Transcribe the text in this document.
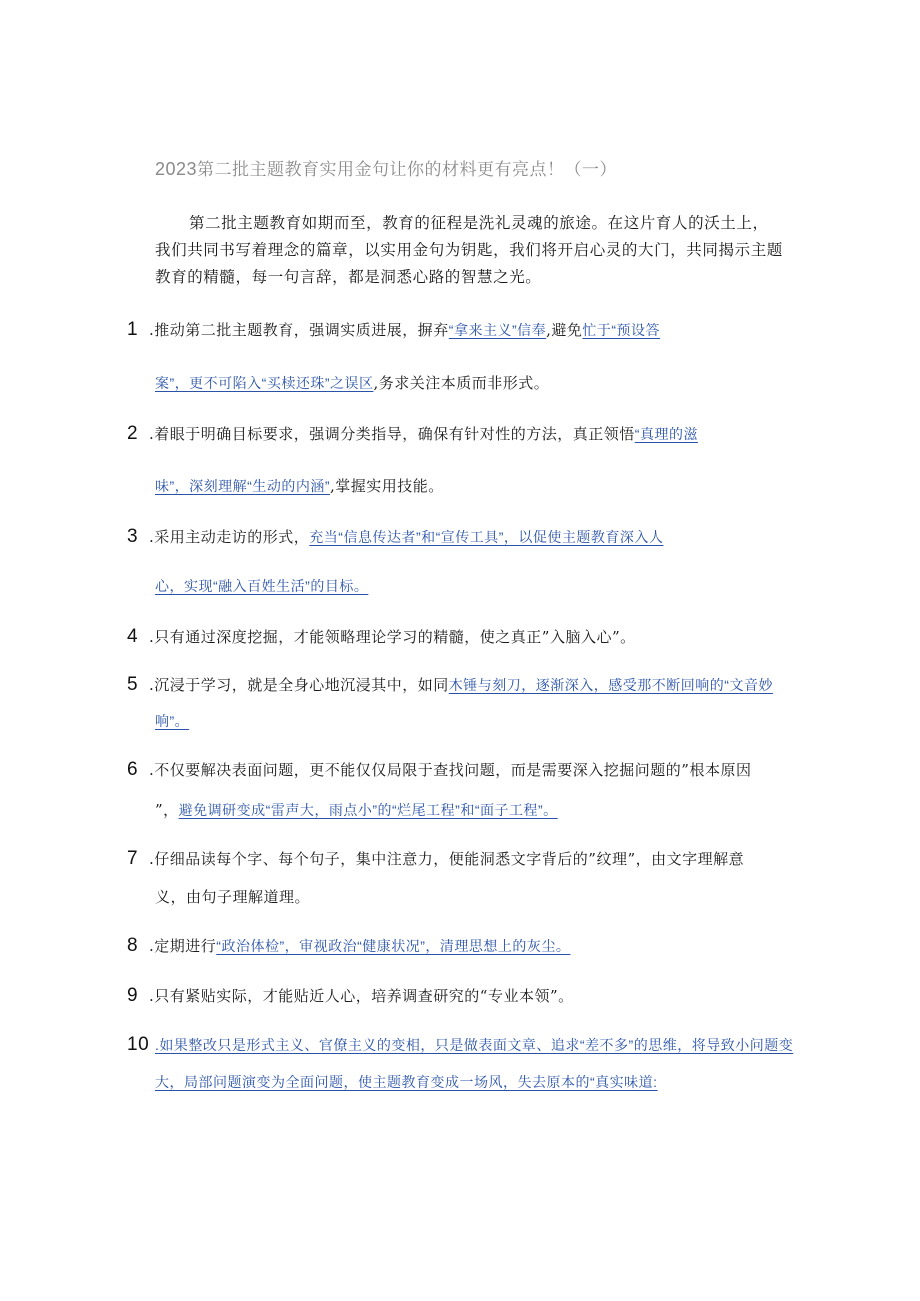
2023第二批主题教育实用金句让你的材料更有亮点！（一）
第二批主题教育如期而至，教育的征程是洗礼灵魂的旅途。在这片育人的沃土上，
我们共同书写着理念的篇章，以实用金句为钥匙，我们将开启心灵的大门，共同揭示主题
教育的精髓，每一句言辞，都是洞悉心路的智慧之光。
1 .推动第二批主题教育，强调实质进展，摒弃“拿来主义”信奉,避免忙于“预设答
案”，更不可陷入“买椟还珠”之误区,务求关注本质而非形式。
2 .着眼于明确目标要求，强调分类指导，确保有针对性的方法，真正领悟“真理的滋
味”，深刻理解“生动的内涵”,掌握实用技能。
3 .采用主动走访的形式，充当“信息传达者”和“宣传工具”，以促使主题教育深入人
心，实现“融入百姓生活”的目标。
4 .只有通过深度挖掘，才能领略理论学习的精髓，使之真正”入脑入心”。
5 .沉浸于学习，就是全身心地沉浸其中，如同木锤与刻刀，逐渐深入，感受那不断回响的“文音妙
响”。
6 .不仅要解决表面问题，更不能仅仅局限于查找问题，而是需要深入挖掘问题的”根本原因
”，避免调研变成“雷声大，雨点小”的“烂尾工程”和“面子工程”。
7 .仔细品读每个字、每个句子，集中注意力，便能洞悉文字背后的”纹理”，由文字理解意
义，由句子理解道理。
8 .定期进行“政治体检”，审视政治“健康状况”，清理思想上的灰尘。
9 .只有紧贴实际，才能贴近人心，培养调查研究的“专业本领”。
10 .如果整改只是形式主义、官僚主义的变相，只是做表面文章、追求“差不多”的思维，将导致小问题变
大，局部问题演变为全面问题，使主题教育变成一场风，失去原本的“真实味道:
